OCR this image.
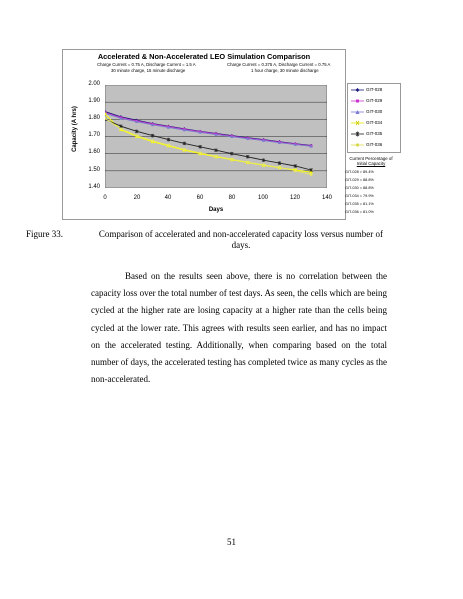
Accelerated & Non-Accelerated LEO Simulation Comparison
Charge Current = 0.75 A, Discharge Current = 1.5 A
30 minute charge, 15 minute discharge
Charge Current = 0.375 A, Discharge Current = 0.75 A
1 hour charge, 30 minute discharge
Capacity (A hrs)
2.00
1.90
1.80
1.70
1.60
1.50
1.40
0	20	40	60	80	100	120	140
Days
GIT-028
GIT-029
GIT-030
GIT-034
GIT-035
GIT-036
Current Percentage of
Initial Capacity
GIT-028 = 89.4%
GIT-029 = 88.8%
GIT-030 = 88.8%
GIT-034 = 79.9%
GIT-035 = 81.1%
GIT-036 = 81.0%
Figure 33.	Comparison of accelerated and non-accelerated capacity loss versus number of days.

Based on the results seen above, there is no correlation between the capacity loss over the total number of test days. As seen, the cells which are being cycled at the higher rate are losing capacity at a higher rate than the cells being cycled at the lower rate. This agrees with results seen earlier, and has no impact on the accelerated testing. Additionally, when comparing based on the total number of days, the accelerated testing has completed twice as many cycles as the non-accelerated.

51
